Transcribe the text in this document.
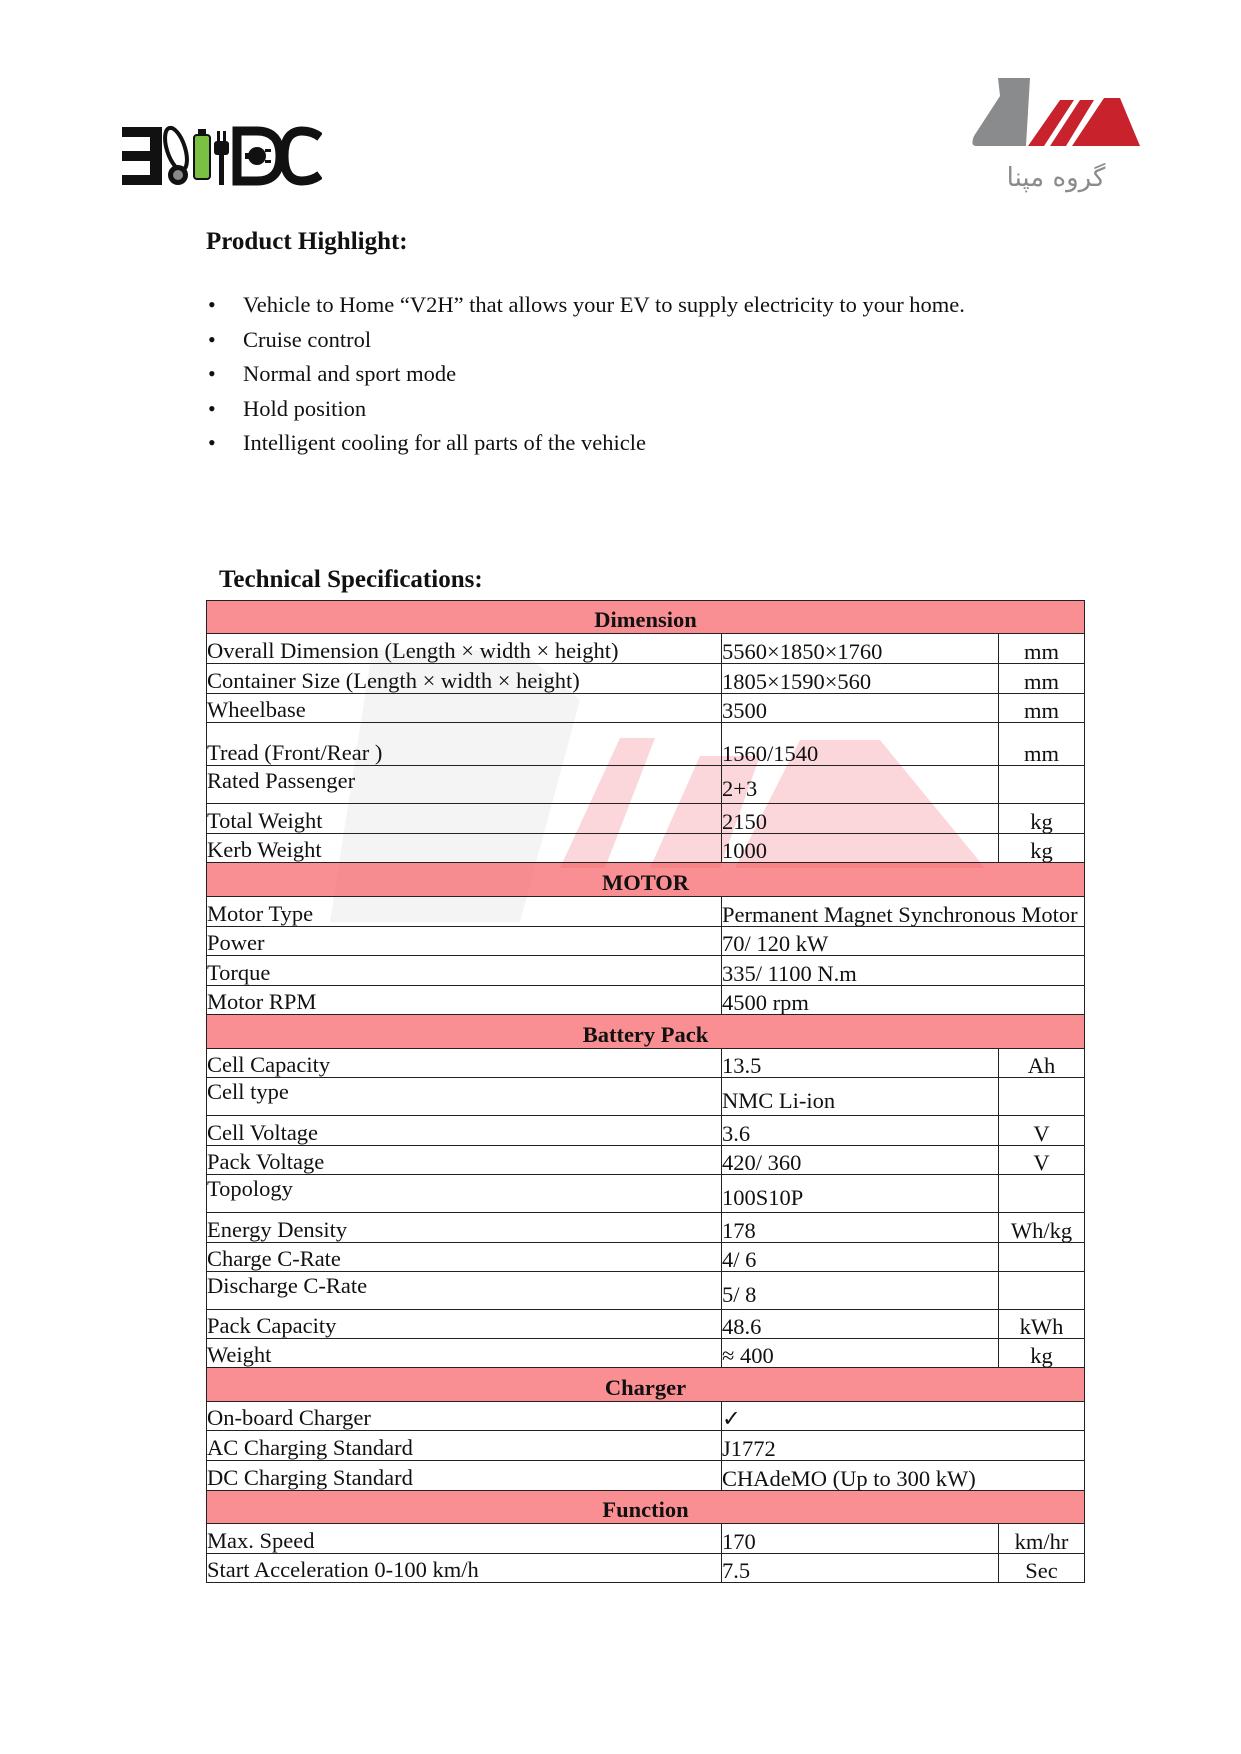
گروه مپنا
Product Highlight:
• Vehicle to Home “V2H” that allows your EV to supply electricity to your home.
• Cruise control
• Normal and sport mode
• Hold position
• Intelligent cooling for all parts of the vehicle
Technical Specifications:
Dimension		
Overall Dimension (Length × width × height)	5560×1850×1760	mm
Container Size (Length × width × height)	1805×1590×560	mm
Wheelbase	3500	mm
Tread (Front/Rear )	1560/1540	mm
Rated Passenger	2+3	
Total Weight	2150	kg
Kerb Weight	1000	kg
MOTOR		
Motor Type	Permanent Magnet Synchronous Motor	
Power	70/ 120 kW	
Torque	335/ 1100 N.m	
Motor RPM	4500 rpm	
Battery Pack		
Cell Capacity	13.5	Ah
Cell type	NMC Li-ion	
Cell Voltage	3.6	V
Pack Voltage	420/ 360	V
Topology	100S10P	
Energy Density	178	Wh/kg
Charge C-Rate	4/ 6	
Discharge C-Rate	5/ 8	
Pack Capacity	48.6	kWh
Weight	≈ 400	kg
Charger		
On-board Charger	✓	
AC Charging Standard	J1772	
DC Charging Standard	CHAdeMO (Up to 300 kW)	
Function		
Max. Speed	170	km/hr
Start Acceleration 0-100 km/h	7.5	Sec
